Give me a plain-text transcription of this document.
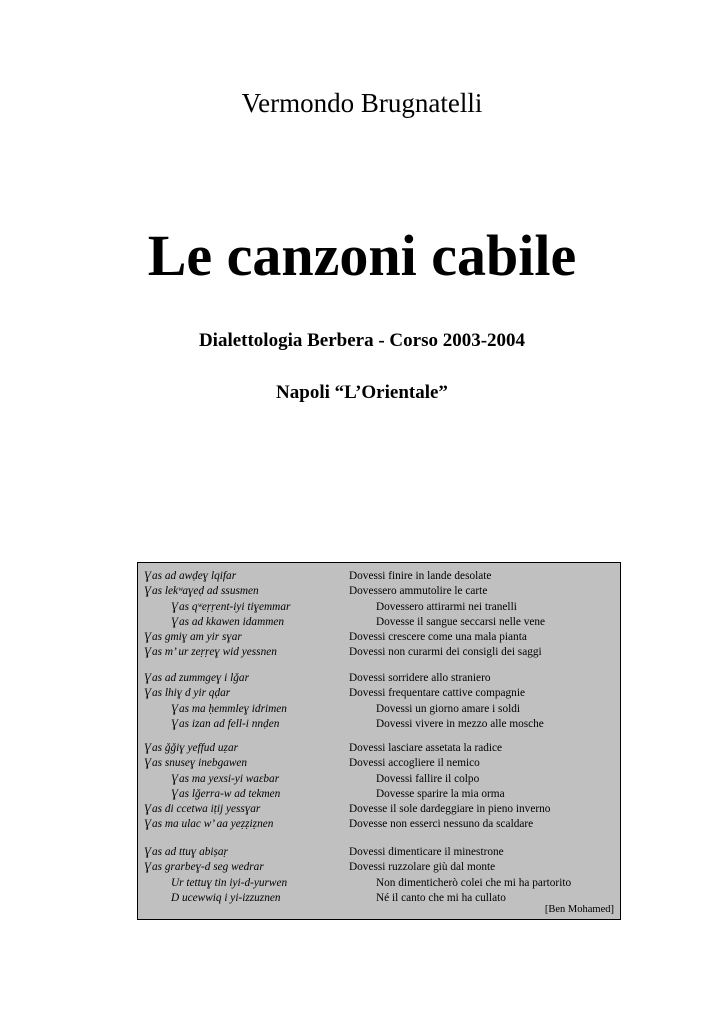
Vermondo Brugnatelli
Le canzoni cabile
Dialettologia Berbera - Corso 2003-2004
Napoli “L’Orientale”
Ɣas ad awḍeɣ lqifar	Dovessi finire in lande desolate
Ɣas lekʷaɣeḍ ad ssusmen	Dovessero ammutolire le carte
Ɣas qʷeṛṛent-iyi tiɣemmar	Dovessero attirarmi nei tranelli
Ɣas ad kkawen idammen	Dovesse il sangue seccarsi nelle vene
Ɣas gmiɣ am yir sɣar	Dovessi crescere come una mala pianta
Ɣas m’ ur zeṛṛeɣ wid yessnen	Dovessi non curarmi dei consigli dei saggi
Ɣas ad zummgeɣ i lǧar	Dovessi sorridere allo straniero
Ɣas lhiɣ d yir qḍar	Dovessi frequentare cattive compagnie
Ɣas ma ḥemmleɣ idrimen	Dovessi un giorno amare i soldi
Ɣas izan ad fell-i nnḍen	Dovessi vivere in mezzo alle mosche
Ɣas ǧǧiɣ yeffud uẓar	Dovessi lasciare assetata la radice
Ɣas snuseɣ inebgawen	Dovessi accogliere il nemico
Ɣas ma yexsi-yi waɛbar	Dovessi fallire il colpo
Ɣas lǧerra-w ad tekmen	Dovesse sparire la mia orma
Ɣas di ccetwa iṭij yessɣar	Dovesse il sole dardeggiare in pieno inverno
Ɣas ma ulac w’ aa yeẓẓiẓnen	Dovesse non esserci nessuno da scaldare
Ɣas ad ttuɣ abiṣaṛ	Dovessi dimenticare il minestrone
Ɣas grarbeɣ-d seg wedrar	Dovessi ruzzolare giù dal monte
Ur tettuɣ tin iyi-d-yurwen	Non dimenticherò colei che mi ha partorito
D ucewwiq i yi-izzuznen	Né il canto che mi ha cullato
[Ben Mohamed]
